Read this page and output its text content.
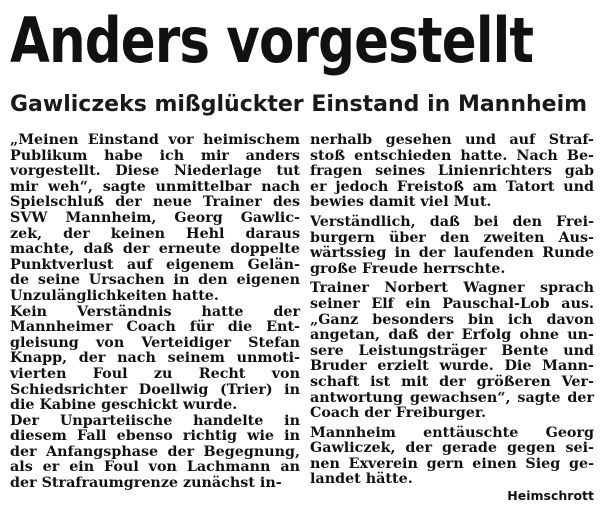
Anders vorgestellt
Gawliczeks mißglückter Einstand in Mannheim

„Meinen Einstand vor heimischem
Publikum habe ich mir anders
vorgestellt. Diese Niederlage tut
mir weh“, sagte unmittelbar nach
Spielschluß der neue Trainer des
SVW Mannheim, Georg Gawlic-
zek, der keinen Hehl daraus
machte, daß der erneute doppelte
Punktverlust auf eigenem Gelän-
de seine Ursachen in den eigenen
Unzulänglichkeiten hatte.

Kein Verständnis hatte der
Mannheimer Coach für die Ent-
gleisung von Verteidiger Stefan
Knapp, der nach seinem unmoti-
vierten Foul zu Recht von
Schiedsrichter Doellwig (Trier) in
die Kabine geschickt wurde.

Der Unparteiische handelte in
diesem Fall ebenso richtig wie in
der Anfangsphase der Begegnung,
als er ein Foul von Lachmann an
der Strafraumgrenze zunächst in-

nerhalb gesehen und auf Straf-
stoß entschieden hatte. Nach Be-
fragen seines Linienrichters gab
er jedoch Freistoß am Tatort und
bewies damit viel Mut.

Verständlich, daß bei den Frei-
burgern über den zweiten Aus-
wärtssieg in der laufenden Runde
große Freude herrschte.

Trainer Norbert Wagner sprach
seiner Elf ein Pauschal-Lob aus.
„Ganz besonders bin ich davon
angetan, daß der Erfolg ohne un-
sere Leistungsträger Bente und
Bruder erzielt wurde. Die Mann-
schaft ist mit der größeren Ver-
antwortung gewachsen“, sagte der
Coach der Freiburger.

Mannheim enttäuschte Georg
Gawliczek, der gerade gegen sei-
nen Exverein gern einen Sieg ge-
landet hätte.
Heimschrott
